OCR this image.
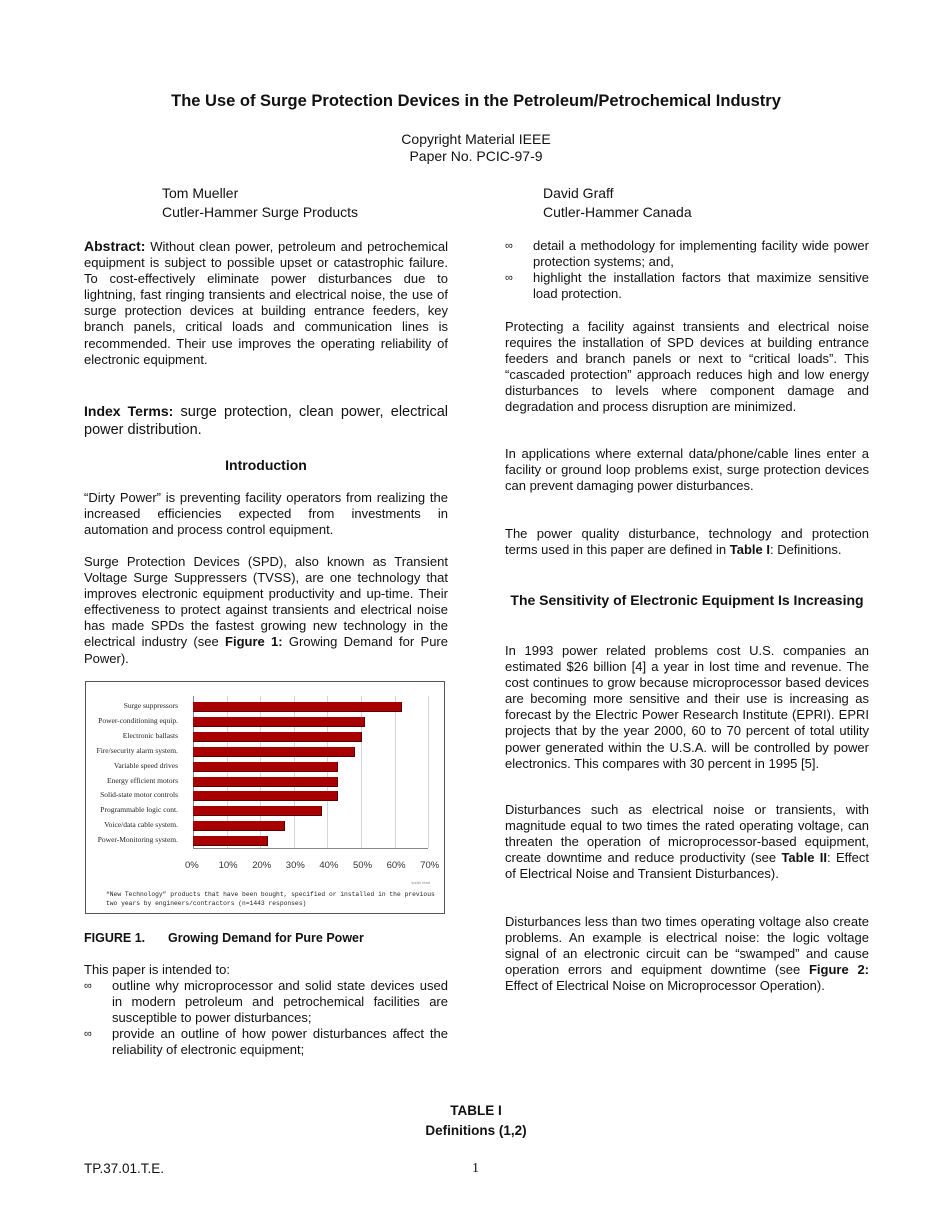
The Use of Surge Protection Devices in the Petroleum/Petrochemical Industry
Copyright Material IEEE
Paper No. PCIC-97-9
Tom Mueller
Cutler-Hammer Surge Products
David Graff
Cutler-Hammer Canada

Abstract: Without clean power, petroleum and petrochemical equipment is subject to possible upset or catastrophic failure. To cost-effectively eliminate power disturbances due to lightning, fast ringing transients and electrical noise, the use of surge protection devices at building entrance feeders, key branch panels, critical loads and communication lines is recommended. Their use improves the operating reliability of electronic equipment.

Index Terms: surge protection, clean power, electrical power distribution.

Introduction

“Dirty Power” is preventing facility operators from realizing the increased efficiencies expected from investments in automation and process control equipment.

Surge Protection Devices (SPD), also known as Transient Voltage Surge Suppressers (TVSS), are one technology that improves electronic equipment productivity and up-time. Their effectiveness to protect against transients and electrical noise has made SPDs the fastest growing new technology in the electrical industry (see Figure 1: Growing Demand for Pure Power).

0% 10% 20% 30% 40% 50% 60% 70%
Surge suppressors
Power-conditioning equip.
Electronic ballasts
Fire/security alarm system.
Variable speed drives
Energy efficient motors
Solid-state motor controls
Programmable logic cont.
Voice/data cable system.
Power-Monitoring system.
sodin read
“New Technology” products that have been bought, specified or installed in the previous two years by engineers/contractors (n=1443 responses)
FIGURE 1. Growing Demand for Pure Power

This paper is intended to:

∞ outline why microprocessor and solid state devices used in modern petroleum and petrochemical facilities are susceptible to power disturbances;
∞ provide an outline of how power disturbances affect the reliability of electronic equipment;
∞ detail a methodology for implementing facility wide power protection systems; and,
∞ highlight the installation factors that maximize sensitive load protection.

Protecting a facility against transients and electrical noise requires the installation of SPD devices at building entrance feeders and branch panels or next to “critical loads”. This “cascaded protection” approach reduces high and low energy disturbances to levels where component damage and degradation and process disruption are minimized.

In applications where external data/phone/cable lines enter a facility or ground loop problems exist, surge protection devices can prevent damaging power disturbances.

The power quality disturbance, technology and protection terms used in this paper are defined in Table I: Definitions.

The Sensitivity of Electronic Equipment Is Increasing

In 1993 power related problems cost U.S. companies an estimated $26 billion [4] a year in lost time and revenue. The cost continues to grow because microprocessor based devices are becoming more sensitive and their use is increasing as forecast by the Electric Power Research Institute (EPRI). EPRI projects that by the year 2000, 60 to 70 percent of total utility power generated within the U.S.A. will be controlled by power electronics. This compares with 30 percent in 1995 [5].

Disturbances such as electrical noise or transients, with magnitude equal to two times the rated operating voltage, can threaten the operation of microprocessor-based equipment, create downtime and reduce productivity (see Table II: Effect of Electrical Noise and Transient Disturbances).

Disturbances less than two times operating voltage also create problems. An example is electrical noise: the logic voltage signal of an electronic circuit can be “swamped” and cause operation errors and equipment downtime (see Figure 2: Effect of Electrical Noise on Microprocessor Operation).

TABLE I
Definitions (1,2)
TP.37.01.T.E.	1
